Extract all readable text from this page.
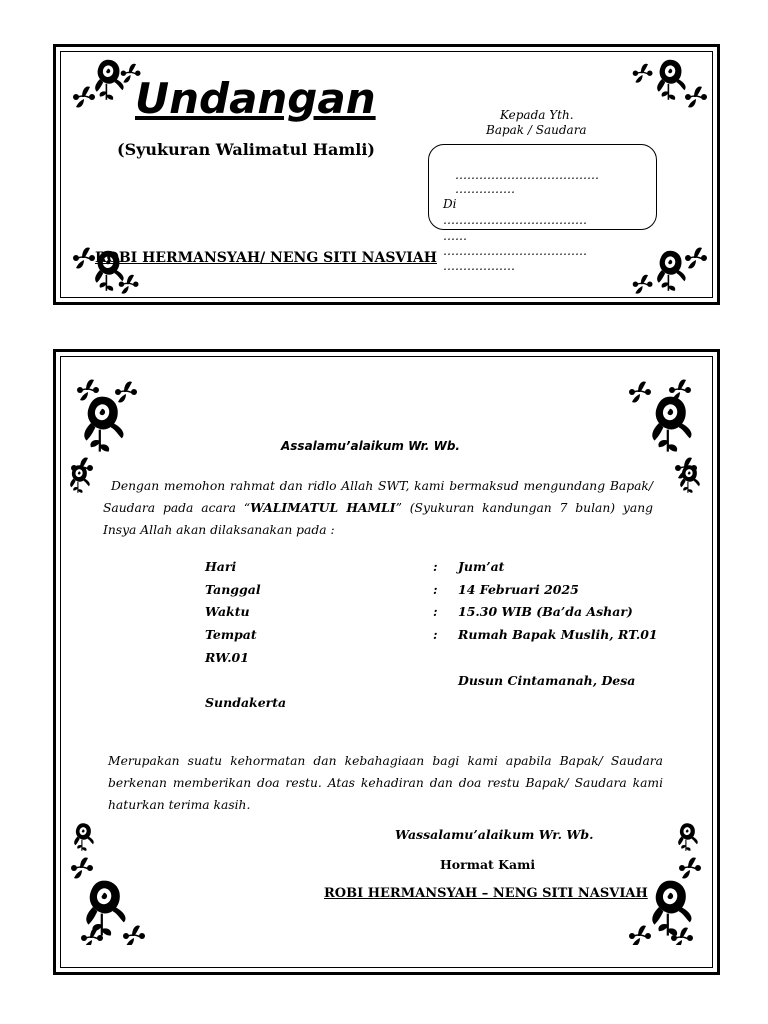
Undangan
(Syukuran Walimatul Hamli)
ROBI HERMANSYAH/ NENG SITI NASVIAH
Kepada Yth.
Bapak / Saudara
………………………………
……………
Di
………………………………
……
………………………………
………………
Assalamu’alaikum Wr. Wb.
Dengan memohon rahmat dan ridlo Allah SWT, kami bermaksud mengundang Bapak/ Saudara pada acara “WALIMATUL HAMLI” (Syukuran kandungan 7 bulan) yang Insya Allah akan dilaksanakan pada :
Hari	: Jum’at
Tanggal	: 14 Februari 2025
Waktu	: 15.30 WIB (Ba’da Ashar)
Tempat	: Rumah Bapak Muslih, RT.01
RW.01
Dusun Cintamanah, Desa
Sundakerta
Merupakan suatu kehormatan dan kebahagiaan bagi kami apabila Bapak/ Saudara berkenan memberikan doa restu. Atas kehadiran dan doa restu Bapak/ Saudara kami haturkan terima kasih.
Wassalamu’alaikum Wr. Wb.
Hormat Kami
ROBI HERMANSYAH – NENG SITI NASVIAH
